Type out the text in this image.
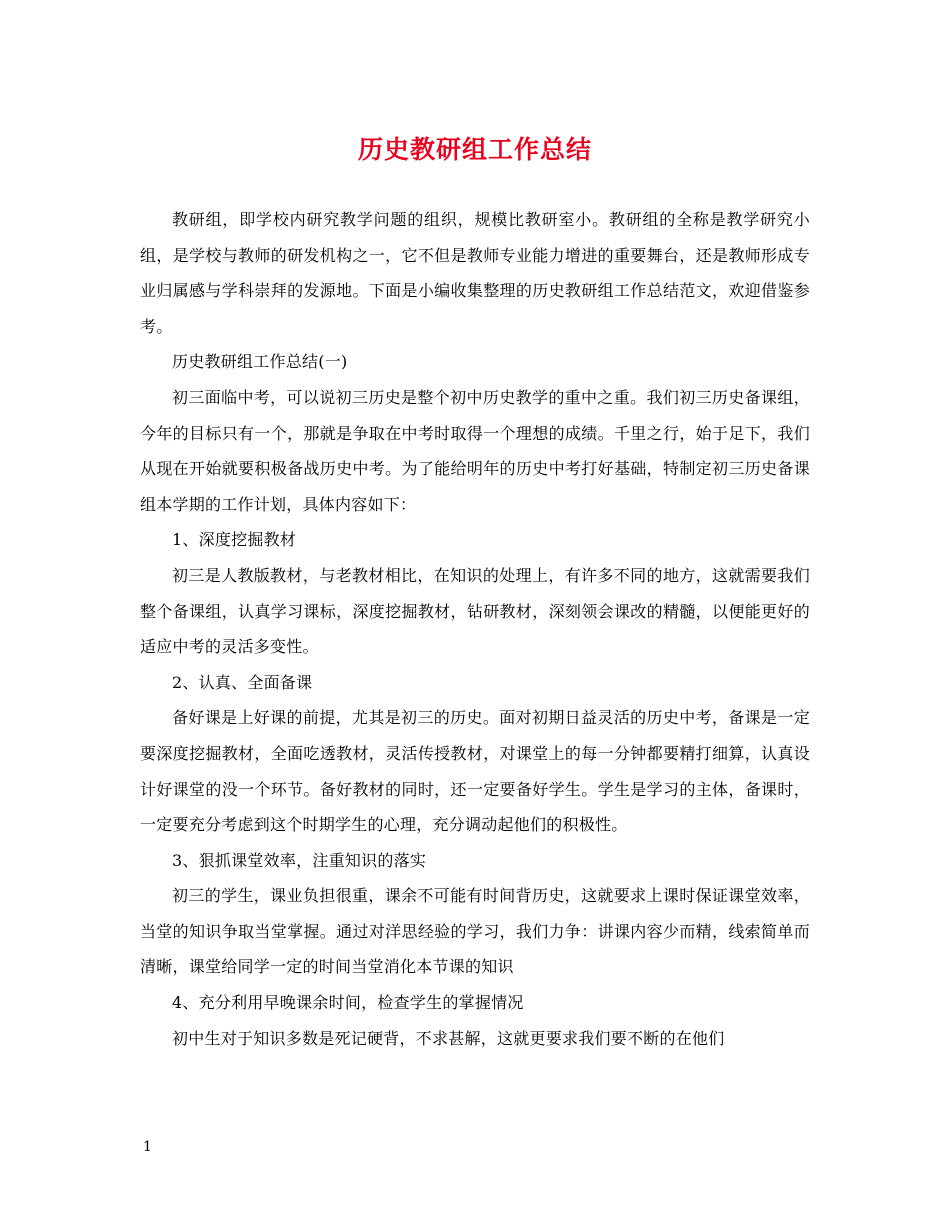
历史教研组工作总结

教研组，即学校内研究教学问题的组织，规模比教研室小。教研组的全称是教学研究小组，是学校与教师的研发机构之一，它不但是教师专业能力增进的重要舞台，还是教师形成专业归属感与学科崇拜的发源地。下面是小编收集整理的历史教研组工作总结范文，欢迎借鉴参考。

历史教研组工作总结(一)

初三面临中考，可以说初三历史是整个初中历史教学的重中之重。我们初三历史备课组，今年的目标只有一个，那就是争取在中考时取得一个理想的成绩。千里之行，始于足下，我们从现在开始就要积极备战历史中考。为了能给明年的历史中考打好基础，特制定初三历史备课组本学期的工作计划，具体内容如下：

1、深度挖掘教材

初三是人教版教材，与老教材相比，在知识的处理上，有许多不同的地方，这就需要我们整个备课组，认真学习课标，深度挖掘教材，钻研教材，深刻领会课改的精髓，以便能更好的适应中考的灵活多变性。

2、认真、全面备课

备好课是上好课的前提，尤其是初三的历史。面对初期日益灵活的历史中考，备课是一定要深度挖掘教材，全面吃透教材，灵活传授教材，对课堂上的每一分钟都要精打细算，认真设计好课堂的没一个环节。备好教材的同时，还一定要备好学生。学生是学习的主体，备课时，一定要充分考虑到这个时期学生的心理，充分调动起他们的积极性。

3、狠抓课堂效率，注重知识的落实

初三的学生，课业负担很重，课余不可能有时间背历史，这就要求上课时保证课堂效率，当堂的知识争取当堂掌握。通过对洋思经验的学习，我们力争：讲课内容少而精，线索简单而清晰，课堂给同学一定的时间当堂消化本节课的知识

4、充分利用早晚课余时间，检查学生的掌握情况

初中生对于知识多数是死记硬背，不求甚解，这就更要求我们要不断的在他们

1
